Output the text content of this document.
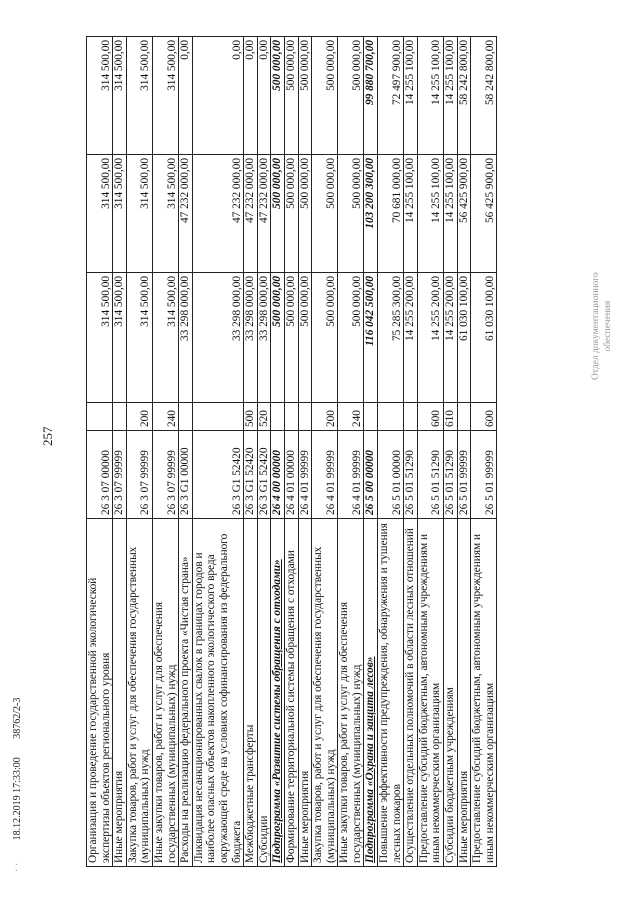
257
· · 18.12.2019 17:33:00 38762/2-3
Отдел документационного обеспечения
Организация и проведение государственной экологической экспертизы объектов регионального уровня	26 3 07 00000		314 500,00	314 500,00	314 500,00
Иные мероприятия	26 3 07 99999		314 500,00	314 500,00	314 500,00
Закупка товаров, работ и услуг для обеспечения государственных (муниципальных) нужд	26 3 07 99999	200	314 500,00	314 500,00	314 500,00
Иные закупки товаров, работ и услуг для обеспечения государственных (муниципальных) нужд	26 3 07 99999	240	314 500,00	314 500,00	314 500,00
Расходы на реализацию федерального проекта «Чистая страна»	26 3 G1 00000		33 298 000,00	47 232 000,00	0,00
Ликвидация несанкционированных свалок в границах городов и наиболее опасных объектов накопленного экологического вреда окружающей среде на условиях софинансирования из федерального бюджета	26 3 G1 52420		33 298 000,00	47 232 000,00	0,00
Межбюджетные трансферты	26 3 G1 52420	500	33 298 000,00	47 232 000,00	0,00
Субсидии	26 3 G1 52420	520	33 298 000,00	47 232 000,00	0,00
Подпрограмма «Развитие системы обращения с отходами»	26 4 00 00000		500 000,00	500 000,00	500 000,00
Формирование территориальной системы обращения с отходами	26 4 01 00000		500 000,00	500 000,00	500 000,00
Иные мероприятия	26 4 01 99999		500 000,00	500 000,00	500 000,00
Закупка товаров, работ и услуг для обеспечения государственных (муниципальных) нужд	26 4 01 99999	200	500 000,00	500 000,00	500 000,00
Иные закупки товаров, работ и услуг для обеспечения государственных (муниципальных) нужд	26 4 01 99999	240	500 000,00	500 000,00	500 000,00
Подпрограмма «Охрана и защита лесов»	26 5 00 00000		116 042 500,00	103 200 300,00	99 880 700,00
Повышение эффективности предупреждения, обнаружения и тушения лесных пожаров	26 5 01 00000		75 285 300,00	70 681 000,00	72 497 900,00
Осуществление отдельных полномочий в области лесных отношений	26 5 01 51290		14 255 200,00	14 255 100,00	14 255 100,00
Предоставление субсидий бюджетным, автономным учреждениям и иным некоммерческим организациям	26 5 01 51290	600	14 255 200,00	14 255 100,00	14 255 100,00
Субсидии бюджетным учреждениям	26 5 01 51290	610	14 255 200,00	14 255 100,00	14 255 100,00
Иные мероприятия	26 5 01 99999		61 030 100,00	56 425 900,00	58 242 800,00
Предоставление субсидий бюджетным, автономным учреждениям и иным некоммерческим организациям	26 5 01 99999	600	61 030 100,00	56 425 900,00	58 242 800,00
